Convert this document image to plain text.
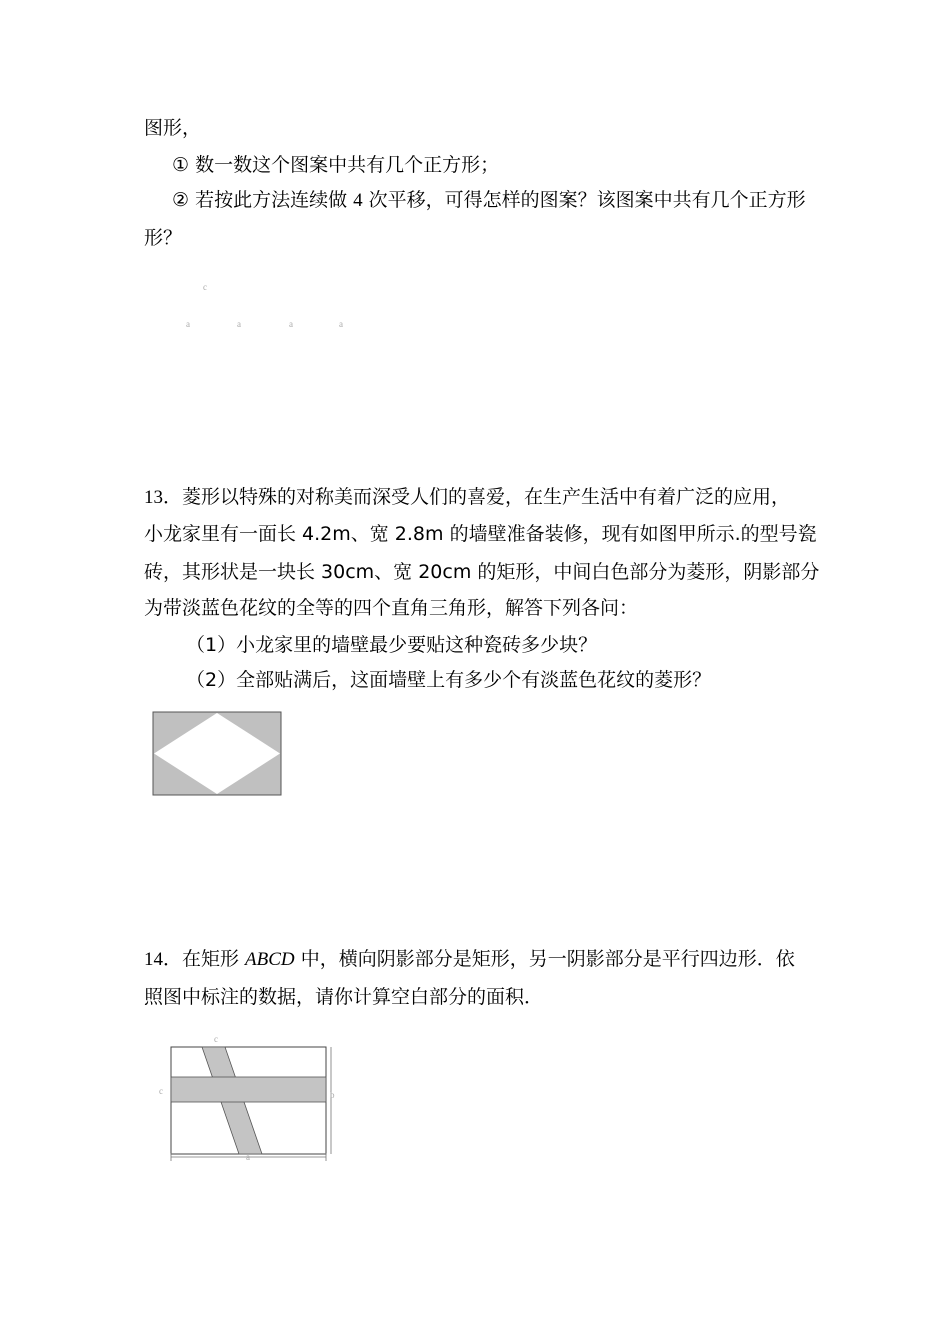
图形，
① 数一数这个图案中共有几个正方形；
② 若按此方法连续做 4 次平移，可得怎样的图案？该图案中共有几个正方形
形？
c
a	a	a	a
13．菱形以特殊的对称美而深受人们的喜爱，在生产生活中有着广泛的应用，
小龙家里有一面长 4.2m、宽 2.8m 的墙壁准备装修，现有如图甲所示.的型号瓷
砖，其形状是一块长 30cm、宽 20cm 的矩形，中间白色部分为菱形，阴影部分
为带淡蓝色花纹的全等的四个直角三角形，解答下列各问：
（1）小龙家里的墙壁最少要贴这种瓷砖多少块？
（2）全部贴满后，这面墙壁上有多少个有淡蓝色花纹的菱形？
14．在矩形 ABCD 中，横向阴影部分是矩形，另一阴影部分是平行四边形．依
照图中标注的数据，请你计算空白部分的面积．
c
c	b
a
